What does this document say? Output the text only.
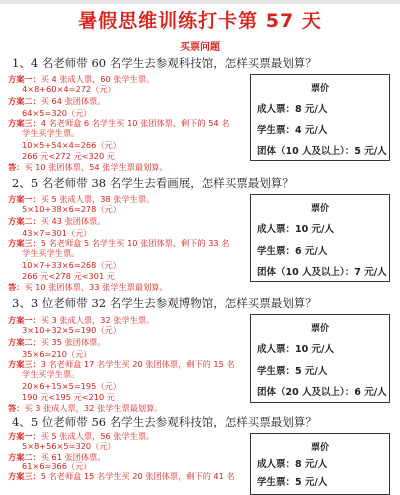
暑假思维训练打卡第 57 天
买票问题
1、4 名老师带 60 名学生去参观科技馆，怎样买票最划算？
方案一：买 4 张成人票，60 张学生票。
4×8+60×4=272（元）
方案二：买 64 张团体票。
64×5=320（元）
方案三：4 名老师盒 6 名学生买 10 张团体票，剩下的 54 名
学生买学生票。
10×5+54×4=266（元）
266 元<272 元<320 元
答：买 10 张团体票，54 张学生票最划算。
票价
成人票：8 元/人
学生票：4 元/人
团体（10 人及以上）：5 元/人
2、5 名老师带 38 名学生去看画展，怎样买票最划算？
方案一：买 5 张成人票，38 张学生票。
5×10+38×6=278（元）
方案二：买 43 张团体票。
43×7=301（元）
方案三：5 名老师盒 5 名学生买 10 张团体票，剩下的 33 名
学生买学生票。
10×7+33×6=268（元）
266 元<278 元<301 元
答：买 10 张团体票，33 张学生票最划算。
票价
成人票：10 元/人
学生票：6 元/人
团体（10 人及以上）：7 元/人
3、3 位老师带 32 名学生去参观博物馆，怎样买票最划算？
方案一：买 3 张成人票，32 张学生票。
3×10+32×5=190（元）
方案二：买 35 张团体票。
35×6=210（元）
方案三：3 名老师盒 17 名学生买 20 张团体票，剩下的 15 名
学生买学生票。
20×6+15×5=195（元）
190 元<195 元<210 元
答：买 3 张成人票，32 张学生票最划算。
票价
成人票：10 元/人
学生票：5 元/人
团体（20 人及以上）：6 元/人
4、5 位老师带 56 名学生去参观科技馆，怎样买票最划算？
方案一：买 5 张成人票，56 张学生票。
5×8+56×5=320（元）
方案二：买 61 张团体票。
61×6=366（元）
方案三：5 名老师盒 15 名学生买 20 张团体票，剩下的 41 名
票价
成人票：8 元/人
学生票：5 元/人
